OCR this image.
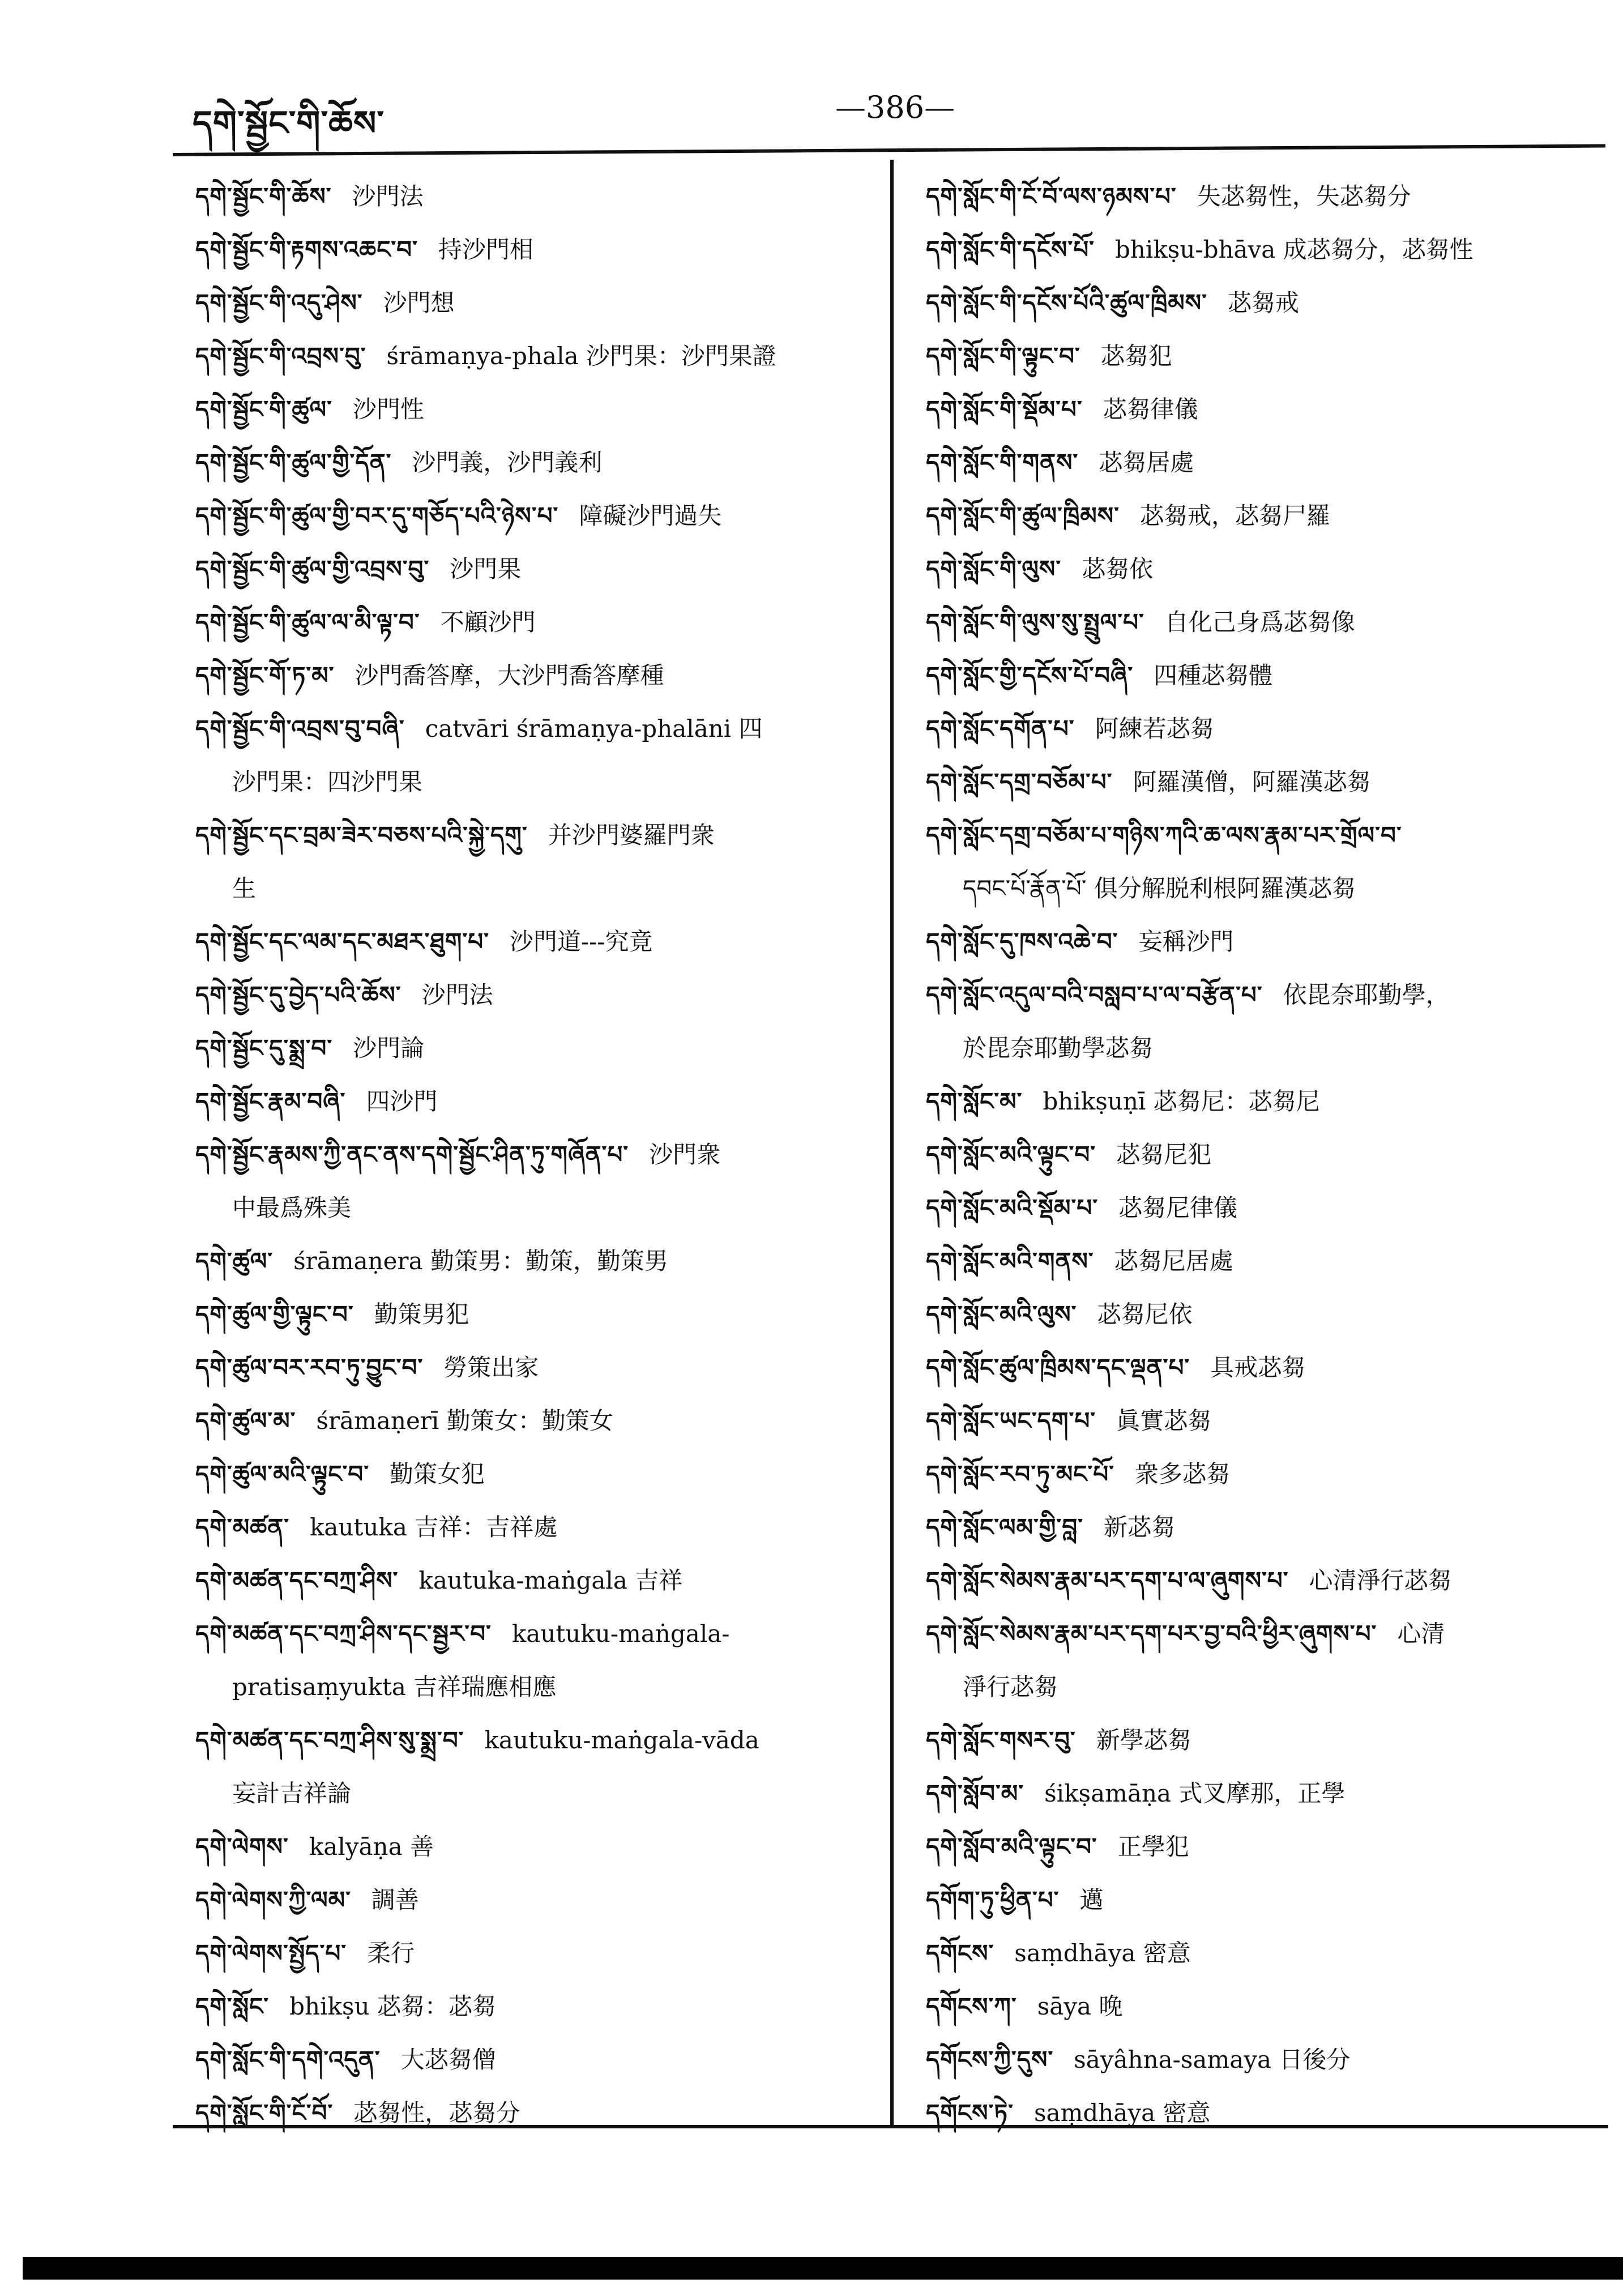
དགེ་སྦྱོང་གི་ཆོས་	—386—

དགེ་སྦྱོང་གི་ཆོས་ 沙門法

དགེ་སྦྱོང་གི་རྟགས་འཆང་བ་ 持沙門相

དགེ་སྦྱོང་གི་འདུ་ཤེས་ 沙門想

དགེ་སྦྱོང་གི་འབྲས་བུ་ śrāmaṇya-phala 沙門果：沙門果證

དགེ་སྦྱོང་གི་ཚུལ་ 沙門性

དགེ་སྦྱོང་གི་ཚུལ་གྱི་དོན་ 沙門義，沙門義利

དགེ་སྦྱོང་གི་ཚུལ་གྱི་བར་དུ་གཅོད་པའི་ཉེས་པ་ 障礙沙門過失

དགེ་སྦྱོང་གི་ཚུལ་གྱི་འབྲས་བུ་ 沙門果

དགེ་སྦྱོང་གི་ཚུལ་ལ་མི་ལྟ་བ་ 不顧沙門

དགེ་སྦྱོང་གོ་ཏ་མ་ 沙門喬答摩，大沙門喬答摩種

དགེ་སྦྱོང་གི་འབྲས་བུ་བཞི་ catvāri śrāmaṇya-phalāni 四
沙門果：四沙門果

དགེ་སྦྱོང་དང་བྲམ་ཟེར་བཅས་པའི་སྐྱེ་དགུ་ 并沙門婆羅門衆
生

དགེ་སྦྱོང་དང་ལམ་དང་མཐར་ཐུག་པ་ 沙門道---究竟

དགེ་སྦྱོང་དུ་བྱེད་པའི་ཆོས་ 沙門法

དགེ་སྦྱོང་དུ་སྨྲ་བ་ 沙門論

དགེ་སྦྱོང་རྣམ་བཞི་ 四沙門

དགེ་སྦྱོང་རྣམས་ཀྱི་ནང་ནས་དགེ་སྦྱོང་ཤིན་ཏུ་གཞོན་པ་ 沙門衆
中最爲殊美

དགེ་ཚུལ་ śrāmaṇera 勤策男：勤策，勤策男

དགེ་ཚུལ་གྱི་ལྟུང་བ་ 勤策男犯

དགེ་ཚུལ་བར་རབ་ཏུ་བྱུང་བ་ 勞策出家

དགེ་ཚུལ་མ་ śrāmaṇerī 勤策女：勤策女

དགེ་ཚུལ་མའི་ལྟུང་བ་ 勤策女犯

དགེ་མཚན་ kautuka 吉祥：吉祥處

དགེ་མཚན་དང་བཀྲ་ཤིས་ kautuka-maṅgala 吉祥

དགེ་མཚན་དང་བཀྲ་ཤིས་དང་སྦྱར་བ་ kautuku-maṅgala-
pratisaṃyukta 吉祥瑞應相應

དགེ་མཚན་དང་བཀྲ་ཤིས་སུ་སྨྲ་བ་ kautuku-maṅgala-vāda
妄計吉祥論

དགེ་ལེགས་ kalyāṇa 善

དགེ་ལེགས་ཀྱི་ལམ་ 調善

དགེ་ལེགས་སྤྱོད་པ་ 柔行

དགེ་སློང་ bhikṣu 苾芻：苾芻

དགེ་སློང་གི་དགེ་འདུན་ 大苾芻僧

དགེ་སློང་གི་ངོ་བོ་ 苾芻性，苾芻分

དགེ་སློང་གི་ངོ་བོ་ལས་ཉམས་པ་ 失苾芻性，失苾芻分

དགེ་སློང་གི་དངོས་པོ་ bhikṣu-bhāva 成苾芻分，苾芻性

དགེ་སློང་གི་དངོས་པོའི་ཚུལ་ཁྲིམས་ 苾芻戒

དགེ་སློང་གི་ལྟུང་བ་ 苾芻犯

དགེ་སློང་གི་སྡོམ་པ་ 苾芻律儀

དགེ་སློང་གི་གནས་ 苾芻居處

དགེ་སློང་གི་ཚུལ་ཁྲིམས་ 苾芻戒，苾芻尸羅

དགེ་སློང་གི་ལུས་ 苾芻依

དགེ་སློང་གི་ལུས་སུ་སྤྲུལ་པ་ 自化己身爲苾芻像

དགེ་སློང་གྱི་དངོས་པོ་བཞི་ 四種苾芻體

དགེ་སློང་དགོན་པ་ 阿練若苾芻

དགེ་སློང་དགྲ་བཅོམ་པ་ 阿羅漢僧，阿羅漢苾芻

དགེ་སློང་དགྲ་བཅོམ་པ་གཉིས་ཀའི་ཆ་ལས་རྣམ་པར་གྲོལ་བ་
དབང་པོ་རྣོན་པོ་ 俱分解脱利根阿羅漢苾芻

དགེ་སློང་དུ་ཁས་འཆེ་བ་ 妄稱沙門

དགེ་སློང་འདུལ་བའི་བསླབ་པ་ལ་བརྩོན་པ་ 依毘奈耶勤學，
於毘奈耶勤學苾芻

དགེ་སློང་མ་ bhikṣuṇī 苾芻尼：苾芻尼

དགེ་སློང་མའི་ལྟུང་བ་ 苾芻尼犯

དགེ་སློང་མའི་སྡོམ་པ་ 苾芻尼律儀

དགེ་སློང་མའི་གནས་ 苾芻尼居處

དགེ་སློང་མའི་ལུས་ 苾芻尼依

དགེ་སློང་ཚུལ་ཁྲིམས་དང་ལྡན་པ་ 具戒苾芻

དགེ་སློང་ཡང་དག་པ་ 眞實苾芻

དགེ་སློང་རབ་ཏུ་མང་པོ་ 衆多苾芻

དགེ་སློང་ལམ་གྱི་བླ་ 新苾芻

དགེ་སློང་སེམས་རྣམ་པར་དག་པ་ལ་ཞུགས་པ་ 心清淨行苾芻

དགེ་སློང་སེམས་རྣམ་པར་དག་པར་བྱ་བའི་ཕྱིར་ཞུགས་པ་ 心清
淨行苾芻

དགེ་སློང་གསར་བུ་ 新學苾芻

དགེ་སློབ་མ་ śikṣamāṇa 式叉摩那，正學

དགེ་སློབ་མའི་ལྟུང་བ་ 正學犯

དགོག་ཏུ་ཕྱིན་པ་ 邁

དགོངས་ saṃdhāya 密意

དགོངས་ཀ་ sāya 晚

དགོངས་ཀྱི་དུས་ sāyâhna-samaya 日後分

དགོངས་ཏེ་ saṃdhāya 密意
